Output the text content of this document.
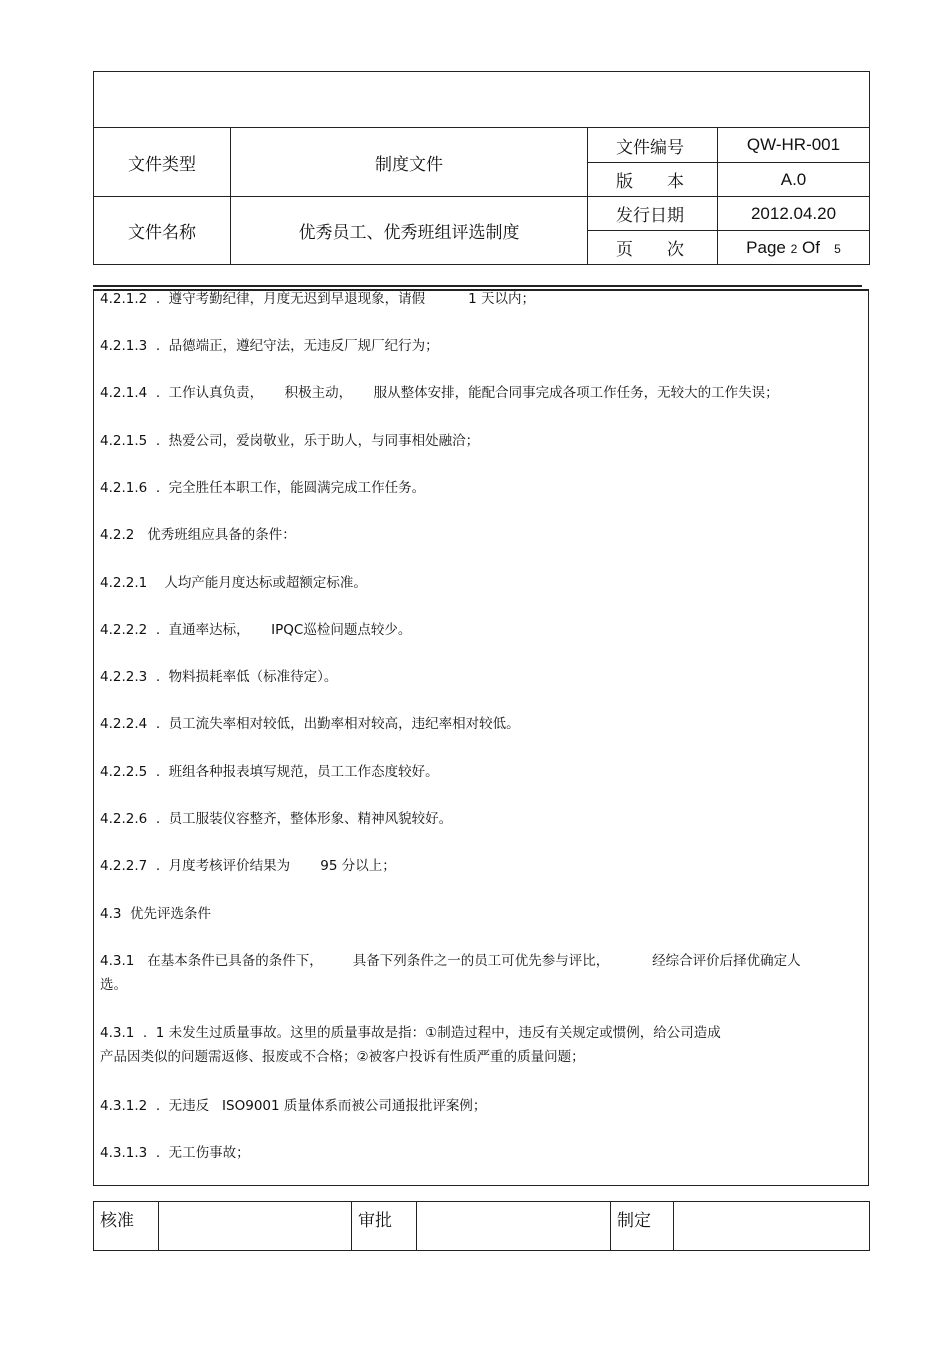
文件类型	制度文件	文件编号	QW-HR-001
		版　　本	A.0
文件名称	优秀员工、优秀班组评选制度	发行日期	2012.04.20
		页　　次	Page 2 Of 5
4.2.1.2  .  遵守考勤纪律，月度无迟到早退现象，请假          1 天以内；
4.2.1.3  .  品德端正，遵纪守法，无违反厂规厂纪行为；
4.2.1.4  .  工作认真负责，     积极主动，     服从整体安排，能配合同事完成各项工作任务，无较大的工作失误；
4.2.1.5  .  热爱公司，爱岗敬业，乐于助人，与同事相处融洽；
4.2.1.6  .  完全胜任本职工作，能圆满完成工作任务。
4.2.2   优秀班组应具备的条件：
4.2.2.1    人均产能月度达标或超额定标准。
4.2.2.2  .  直通率达标，     IPQC巡检问题点较少。
4.2.2.3  .  物料损耗率低（标准待定）。
4.2.2.4  .  员工流失率相对较低，出勤率相对较高，违纪率相对较低。
4.2.2.5  .  班组各种报表填写规范，员工工作态度较好。
4.2.2.6  .  员工服装仪容整齐，整体形象、精神风貌较好。
4.2.2.7  .  月度考核评价结果为       95 分以上；
4.3  优先评选条件
4.3.1   在基本条件已具备的条件下，       具备下列条件之一的员工可优先参与评比，          经综合评价后择优确定人
选。
4.3.1  .  1 未发生过质量事故。这里的质量事故是指：①制造过程中，违反有关规定或惯例，给公司造成
产品因类似的问题需返修、报废或不合格；②被客户投诉有性质严重的质量问题；
4.3.1.2  .  无违反   ISO9001 质量体系而被公司通报批评案例；
4.3.1.3  .  无工伤事故；
核准		审批		制定	
